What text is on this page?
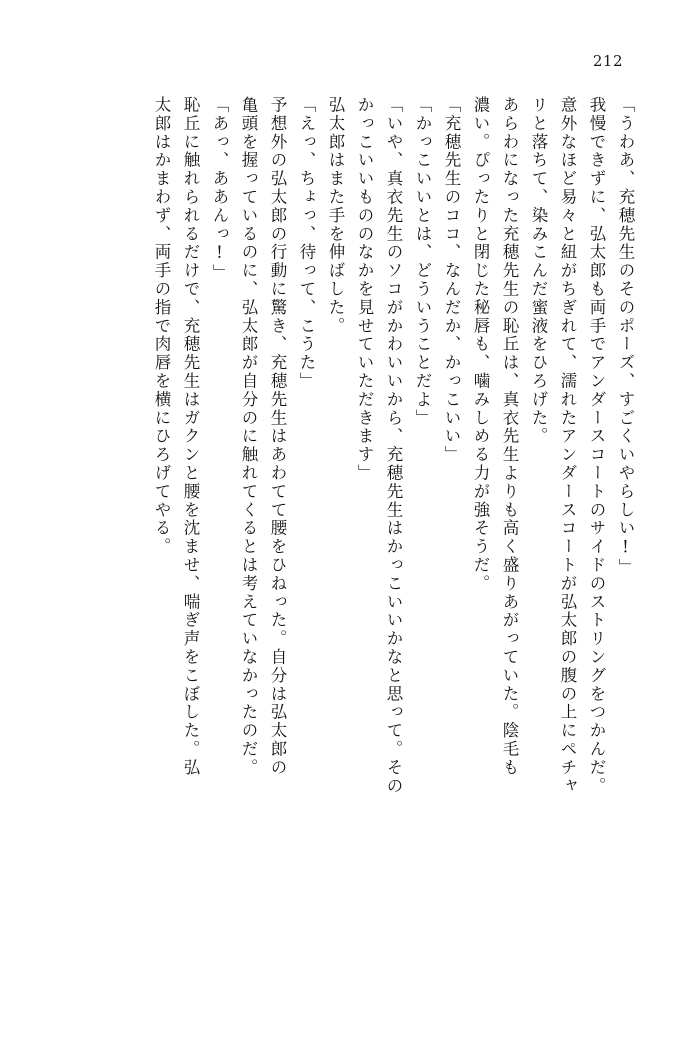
212
「うわあ、充穂先生のそのポーズ、すごくいやらしい!」
我慢できずに、弘太郎も両手でアンダースコートのサイドのストリングをつかんだ。
意外なほど易々と紐がちぎれて、濡れたアンダースコートが弘太郎の腹の上にペチャ
リと落ちて、染みこんだ蜜液をひろげた。
あらわになった充穂先生の恥丘は、真衣先生よりも高く盛りあがっていた。陰毛も
濃い。ぴったりと閉じた秘唇も、噛みしめる力が強そうだ。
「充穂先生のココ、なんだか、かっこいい」
「かっこいいとは、どういうことだよ」
「いや、真衣先生のソコがかわいいから、充穂先生はかっこいいかなと思って。その
かっこいいもののなかを見せていただきます」
弘太郎はまた手を伸ばした。
「えっ、ちょっ、待って、こうた」
予想外の弘太郎の行動に驚き、充穂先生はあわてて腰をひねった。自分は弘太郎の
亀頭を握っているのに、弘太郎が自分のに触れてくるとは考えていなかったのだ。
「あっ、ああんっ!」
恥丘に触れられるだけで、充穂先生はガクンと腰を沈ませ、喘ぎ声をこぼした。弘
太郎はかまわず、両手の指で肉唇を横にひろげてやる。
